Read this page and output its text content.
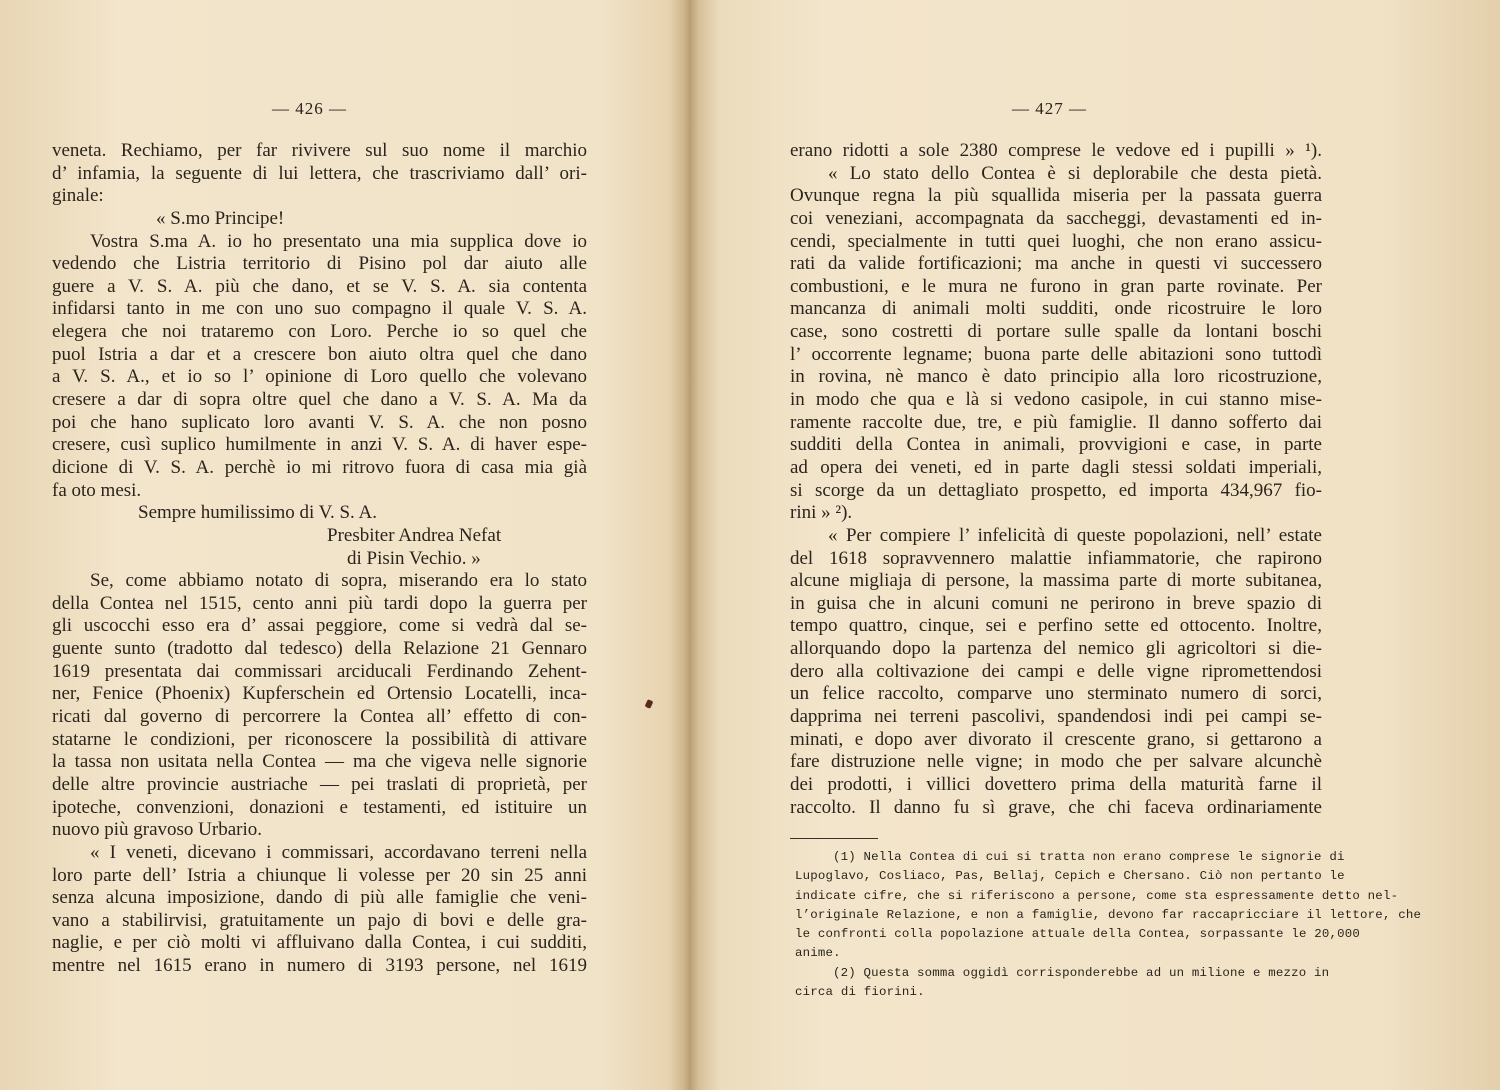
— 426 —
veneta. Rechiamo, per far rivivere sul suo nome il marchio
d’ infamia, la seguente di lui lettera, che trascriviamo dall’ ori-
ginale:
« S.mo Principe!
Vostra S.ma A. io ho presentato una mia supplica dove io
vedendo che Listria territorio di Pisino pol dar aiuto alle
guere a V. S. A. più che dano, et se V. S. A. sia contenta
infidarsi tanto in me con uno suo compagno il quale V. S. A.
elegera che noi trataremo con Loro. Perche io so quel che
puol Istria a dar et a crescere bon aiuto oltra quel che dano
a V. S. A., et io so l’ opinione di Loro quello che volevano
cresere a dar di sopra oltre quel che dano a V. S. A. Ma da
poi che hano suplicato loro avanti V. S. A. che non posno
cresere, cusì suplico humilmente in anzi V. S. A. di haver espe-
dicione di V. S. A. perchè io mi ritrovo fuora di casa mia già
fa oto mesi.
Sempre humilissimo di V. S. A.
Presbiter Andrea Nefat
di Pisin Vechio. »
Se, come abbiamo notato di sopra, miserando era lo stato
della Contea nel 1515, cento anni più tardi dopo la guerra per
gli uscocchi esso era d’ assai peggiore, come si vedrà dal se-
guente sunto (tradotto dal tedesco) della Relazione 21 Gennaro
1619 presentata dai commissari arciducali Ferdinando Zehent-
ner, Fenice (Phoenix) Kupferschein ed Ortensio Locatelli, inca-
ricati dal governo di percorrere la Contea all’ effetto di con-
statarne le condizioni, per riconoscere la possibilità di attivare
la tassa non usitata nella Contea — ma che vigeva nelle signorie
delle altre provincie austriache — pei traslati di proprietà, per
ipoteche, convenzioni, donazioni e testamenti, ed istituire un
nuovo più gravoso Urbario.
« I veneti, dicevano i commissari, accordavano terreni nella
loro parte dell’ Istria a chiunque li volesse per 20 sin 25 anni
senza alcuna imposizione, dando di più alle famiglie che veni-
vano a stabilirvisi, gratuitamente un pajo di bovi e delle gra-
naglie, e per ciò molti vi affluivano dalla Contea, i cui sudditi,
mentre nel 1615 erano in numero di 3193 persone, nel 1619
— 427 —
erano ridotti a sole 2380 comprese le vedove ed i pupilli » ¹).
« Lo stato dello Contea è si deplorabile che desta pietà.
Ovunque regna la più squallida miseria per la passata guerra
coi veneziani, accompagnata da saccheggi, devastamenti ed in-
cendi, specialmente in tutti quei luoghi, che non erano assicu-
rati da valide fortificazioni; ma anche in questi vi successero
combustioni, e le mura ne furono in gran parte rovinate. Per
mancanza di animali molti sudditi, onde ricostruire le loro
case, sono costretti di portare sulle spalle da lontani boschi
l’ occorrente legname; buona parte delle abitazioni sono tuttodì
in rovina, nè manco è dato principio alla loro ricostruzione,
in modo che qua e là si vedono casipole, in cui stanno mise-
ramente raccolte due, tre, e più famiglie. Il danno sofferto dai
sudditi della Contea in animali, provvigioni e case, in parte
ad opera dei veneti, ed in parte dagli stessi soldati imperiali,
si scorge da un dettagliato prospetto, ed importa 434,967 fio-
rini » ²).
« Per compiere l’ infelicità di queste popolazioni, nell’ estate
del 1618 sopravvennero malattie infiammatorie, che rapirono
alcune migliaja di persone, la massima parte di morte subitanea,
in guisa che in alcuni comuni ne perirono in breve spazio di
tempo quattro, cinque, sei e perfino sette ed ottocento. Inoltre,
allorquando dopo la partenza del nemico gli agricoltori si die-
dero alla coltivazione dei campi e delle vigne ripromettendosi
un felice raccolto, comparve uno sterminato numero di sorci,
dapprima nei terreni pascolivi, spandendosi indi pei campi se-
minati, e dopo aver divorato il crescente grano, si gettarono a
fare distruzione nelle vigne; in modo che per salvare alcunchè
dei prodotti, i villici dovettero prima della maturità farne il
raccolto. Il danno fu sì grave, che chi faceva ordinariamente
(1) Nella Contea di cui si tratta non erano comprese le signorie di
Lupoglavo, Cosliaco, Pas, Bellaj, Cepich e Chersano. Ciò non pertanto le
indicate cifre, che si riferiscono a persone, come sta espressamente detto nel-
l’originale Relazione, e non a famiglie, devono far raccapricciare il lettore, che
le confronti colla popolazione attuale della Contea, sorpassante le 20,000
anime.
(2) Questa somma oggidì corrisponderebbe ad un milione e mezzo in
circa di fiorini.
